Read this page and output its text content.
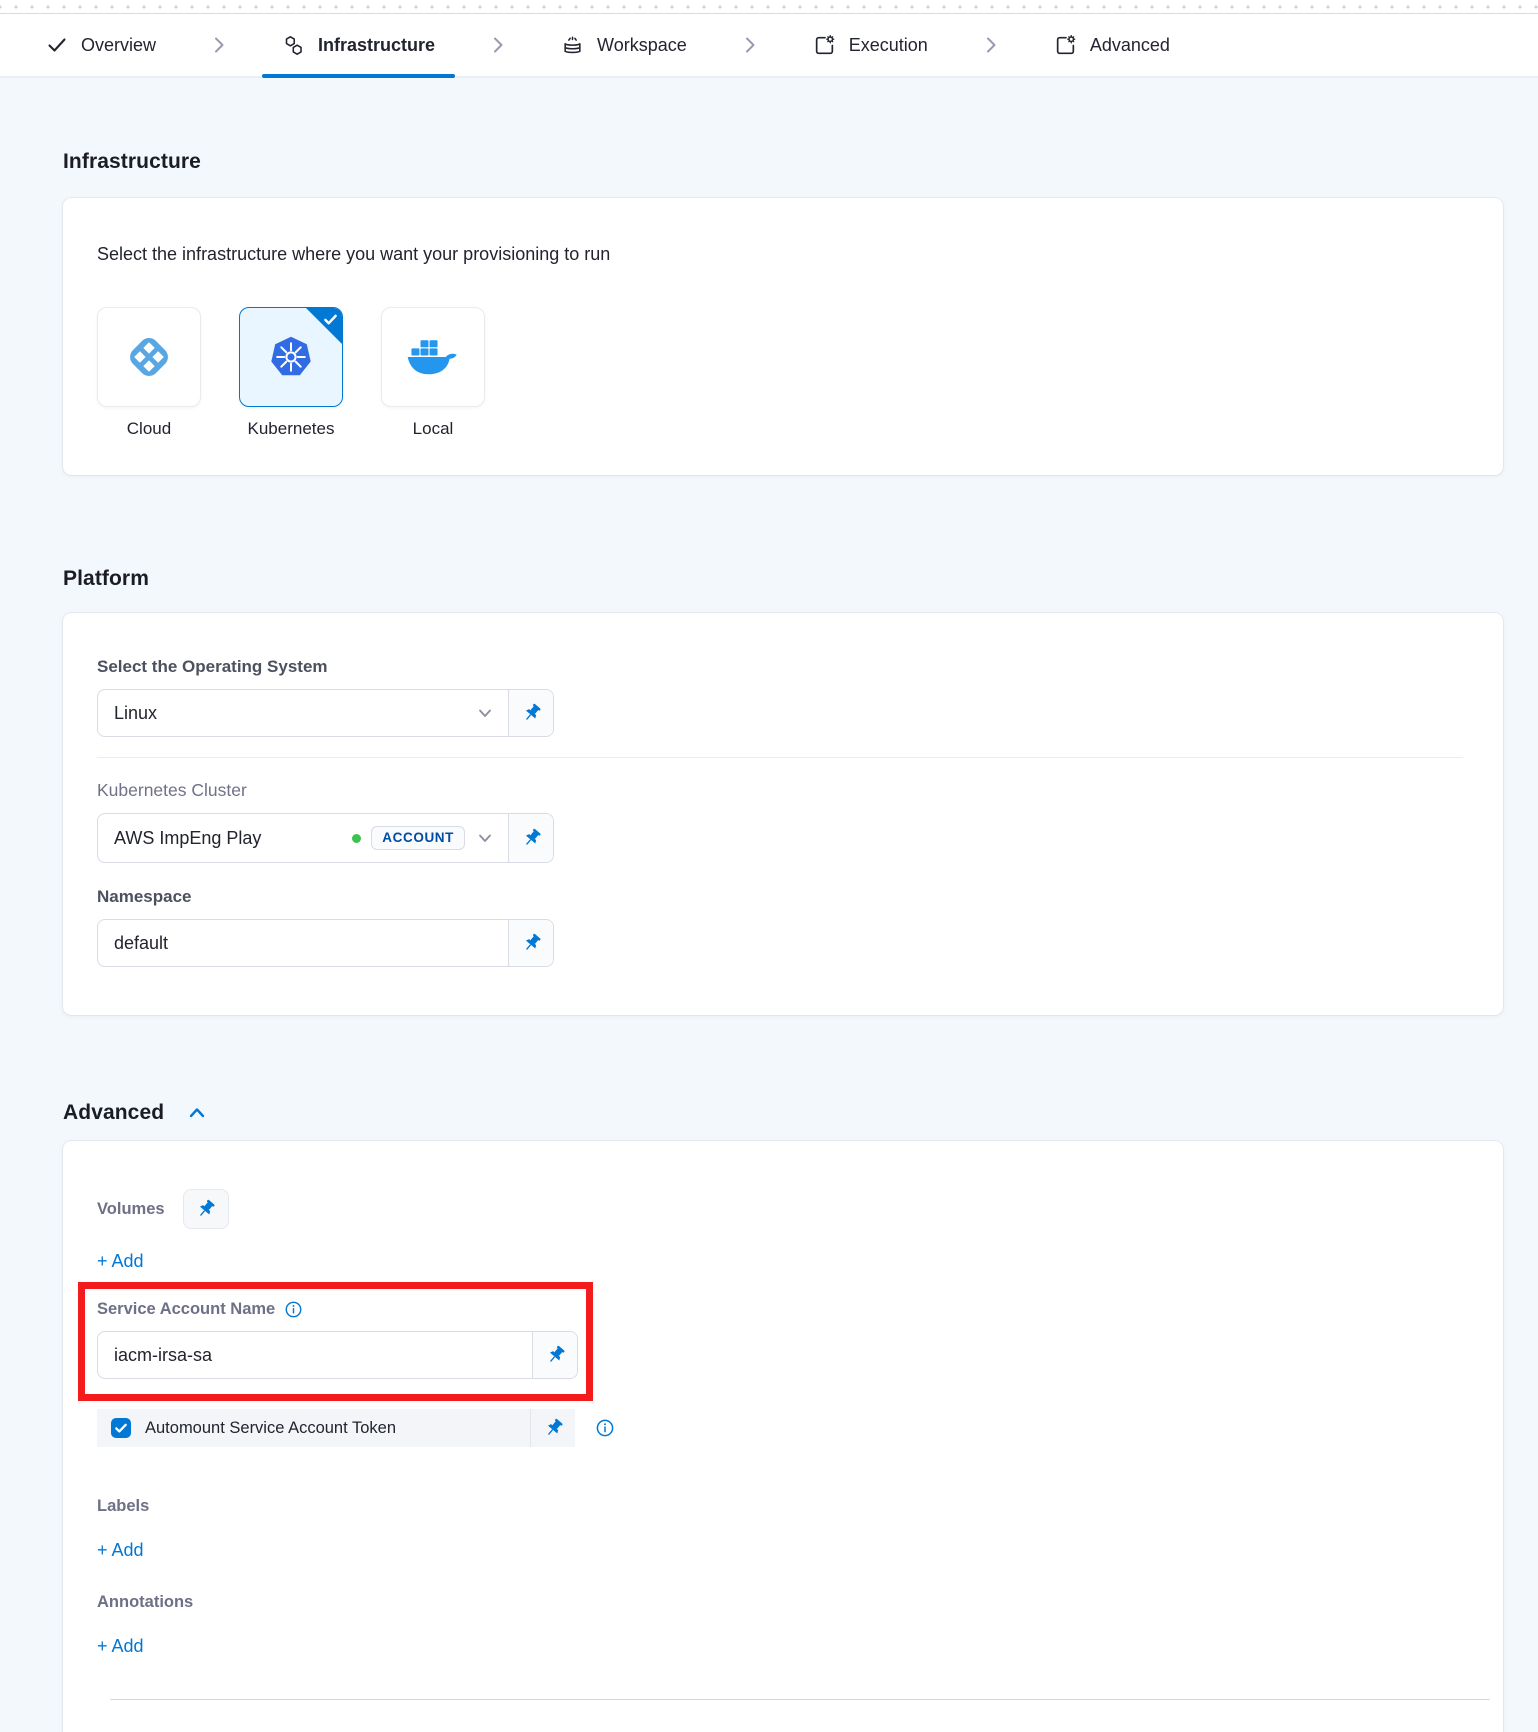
Overview	Infrastructure	Workspace	Execution	Advanced
Infrastructure
Select the infrastructure where you want your provisioning to run
Cloud	Kubernetes	Local
Platform
Select the Operating System
Linux
Kubernetes Cluster
AWS ImpEng Play	ACCOUNT
Namespace
default
Advanced
Volumes
+ Add
Service Account Name
iacm-irsa-sa
Automount Service Account Token
Labels
+ Add
Annotations
+ Add
